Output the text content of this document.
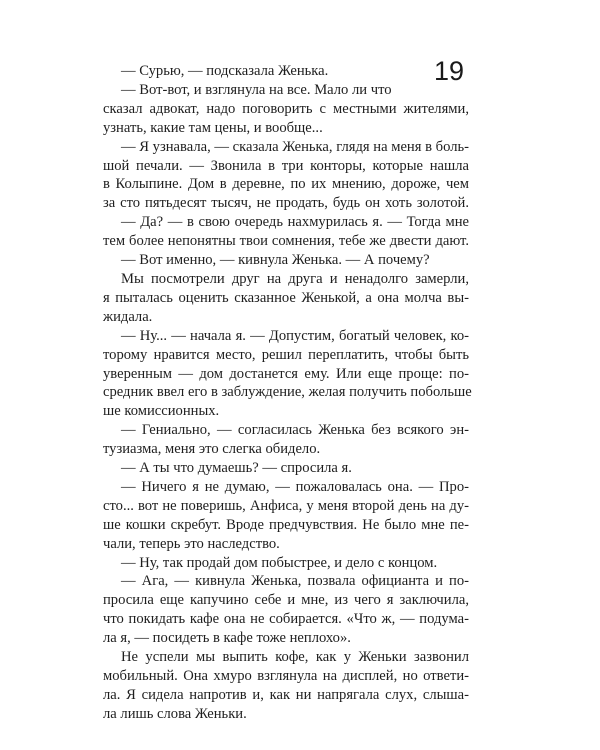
19
— Сурью, — подсказала Женька.
— Вот-вот, и взглянула на все. Мало ли что
сказал адвокат, надо поговорить с местными жителями,
узнать, какие там цены, и вообще...
— Я узнавала, — сказала Женька, глядя на меня в боль-
шой печали. — Звонила в три конторы, которые нашла
в Колыпине. Дом в деревне, по их мнению, дороже, чем
за сто пятьдесят тысяч, не продать, будь он хоть золотой.
— Да? — в свою очередь нахмурилась я. — Тогда мне
тем более непонятны твои сомнения, тебе же двести дают.
— Вот именно, — кивнула Женька. — А почему?
Мы посмотрели друг на друга и ненадолго замерли,
я пыталась оценить сказанное Женькой, а она молча вы-
жидала.
— Ну... — начала я. — Допустим, богатый человек, ко-
торому нравится место, решил переплатить, чтобы быть
уверенным — дом достанется ему. Или еще проще: по-
средник ввел его в заблуждение, желая получить побольше
ше комиссионных.
— Гениально, — согласилась Женька без всякого эн-
тузиазма, меня это слегка обидело.
— А ты что думаешь? — спросила я.
— Ничего я не думаю, — пожаловалась она. — Про-
сто... вот не поверишь, Анфиса, у меня второй день на ду-
ше кошки скребут. Вроде предчувствия. Не было мне пе-
чали, теперь это наследство.
— Ну, так продай дом побыстрее, и дело с концом.
— Ага, — кивнула Женька, позвала официанта и по-
просила еще капучино себе и мне, из чего я заключила,
что покидать кафе она не собирается. «Что ж, — подума-
ла я, — посидеть в кафе тоже неплохо».
Не успели мы выпить кофе, как у Женьки зазвонил
мобильный. Она хмуро взглянула на дисплей, но ответи-
ла. Я сидела напротив и, как ни напрягала слух, слыша-
ла лишь слова Женьки.
